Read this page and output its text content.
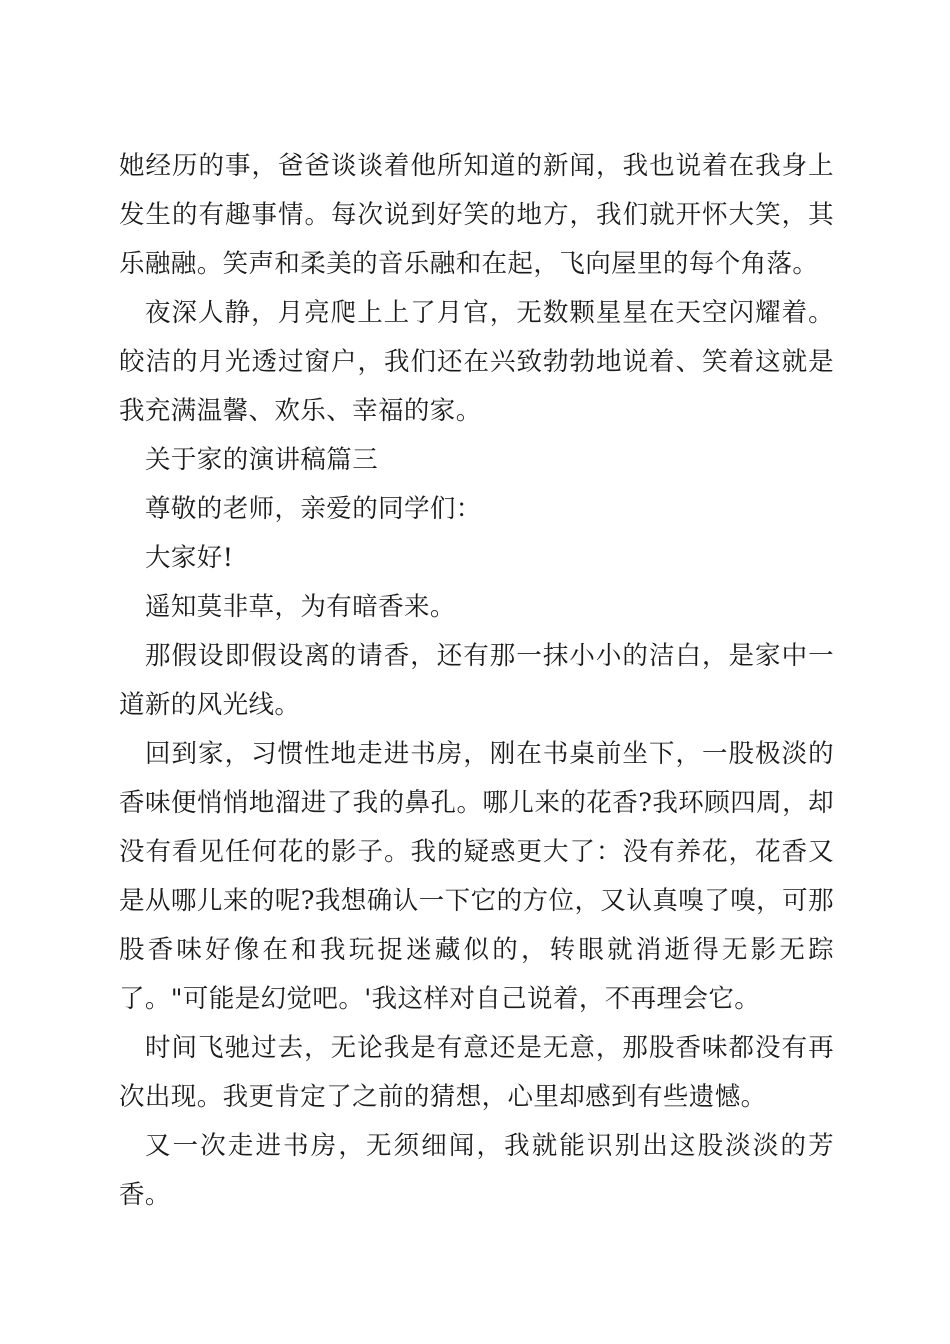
她经历的事，爸爸谈谈着他所知道的新闻，我也说着在我身上发生的有趣事情。每次说到好笑的地方，我们就开怀大笑，其乐融融。笑声和柔美的音乐融和在起，飞向屋里的每个角落。

夜深人静，月亮爬上上了月官，无数颗星星在天空闪耀着。皎洁的月光透过窗户，我们还在兴致勃勃地说着、笑着这就是我充满温馨、欢乐、幸福的家。

关于家的演讲稿篇三

尊敬的老师，亲爱的同学们：

大家好!

遥知莫非草，为有暗香来。

那假设即假设离的请香，还有那一抹小小的洁白，是家中一道新的风光线。

回到家，习惯性地走进书房，刚在书桌前坐下，一股极淡的香味便悄悄地溜进了我的鼻孔。哪儿来的花香?我环顾四周，却没有看见任何花的影子。我的疑惑更大了：没有养花，花香又是从哪儿来的呢?我想确认一下它的方位，又认真嗅了嗅，可那股香味好像在和我玩捉迷藏似的，转眼就消逝得无影无踪了。"可能是幻觉吧。'我这样对自己说着，不再理会它。

时间飞驰过去，无论我是有意还是无意，那股香味都没有再次出现。我更肯定了之前的猜想，心里却感到有些遗憾。

又一次走进书房，无须细闻，我就能识别出这股淡淡的芳香。
